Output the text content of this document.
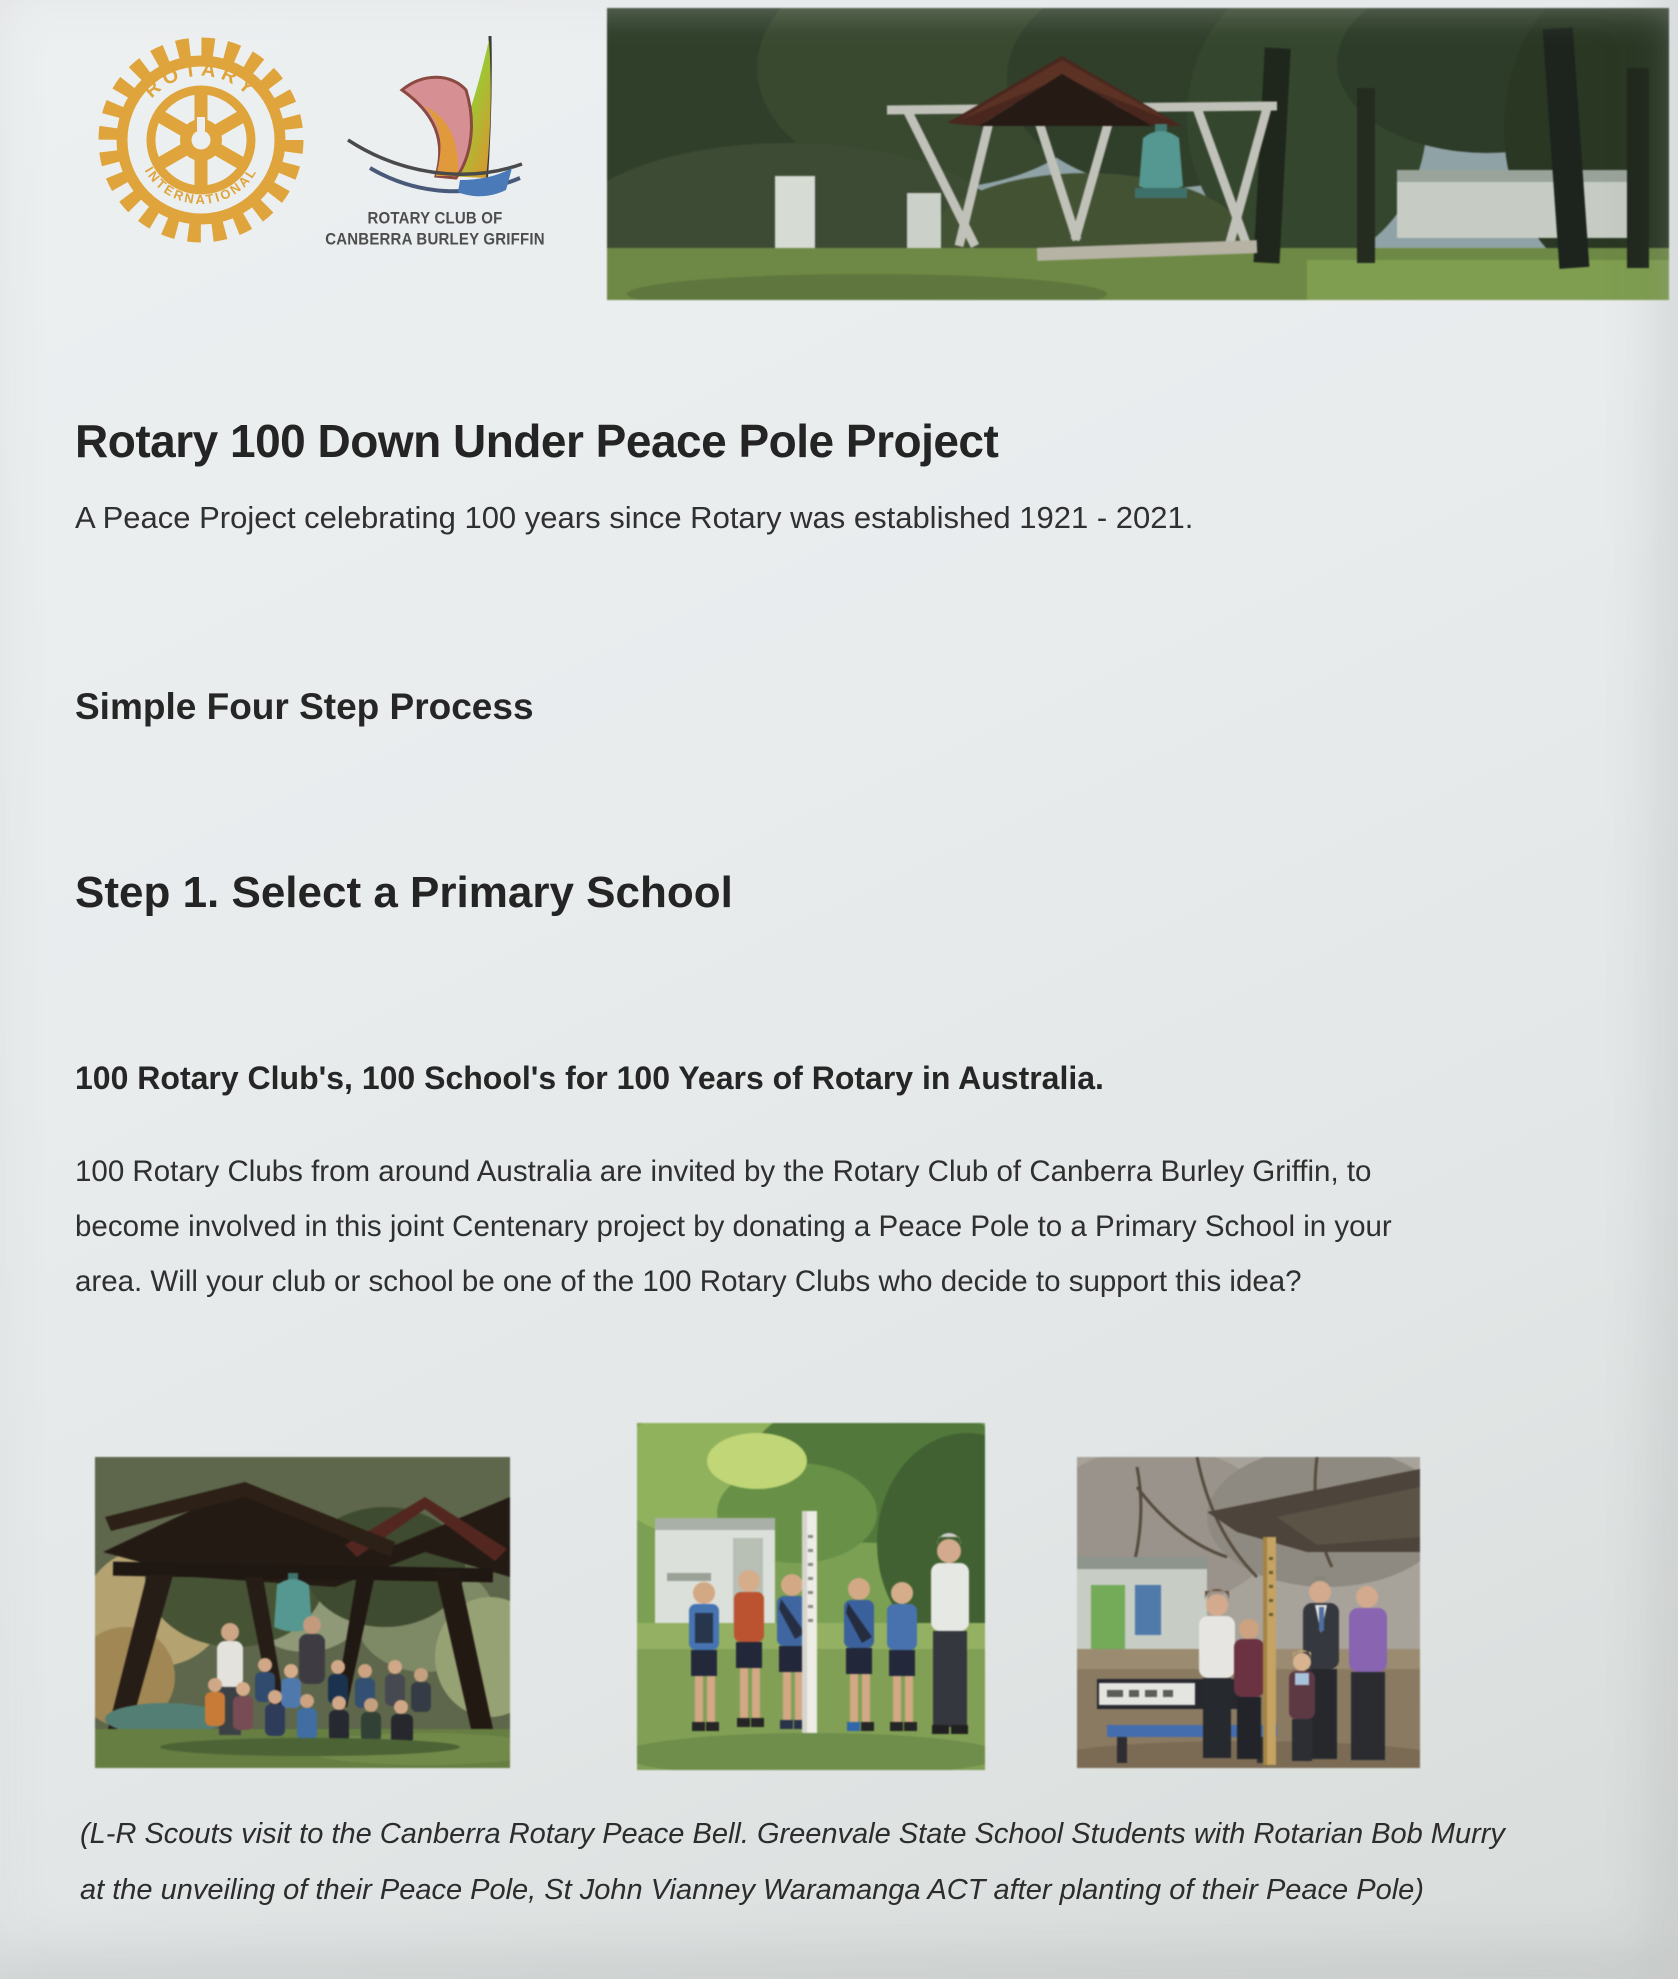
ROTARY
INTERNATIONAL
ROTARY CLUB OF
CANBERRA BURLEY GRIFFIN
Rotary 100 Down Under Peace Pole Project
A Peace Project celebrating 100 years since Rotary was established 1921 - 2021.
Simple Four Step Process
Step 1. Select a Primary School
100 Rotary Club's, 100 School's for 100 Years of Rotary in Australia.
100 Rotary Clubs from around Australia are invited by the Rotary Club of Canberra Burley Griffin, to become involved in this joint Centenary project by donating a Peace Pole to a Primary School in your area. Will your club or school be one of the 100 Rotary Clubs who decide to support this idea?
(L-R Scouts visit to the Canberra Rotary Peace Bell. Greenvale State School Students with Rotarian Bob Murry at the unveiling of their Peace Pole, St John Vianney Waramanga ACT after planting of their Peace Pole)
